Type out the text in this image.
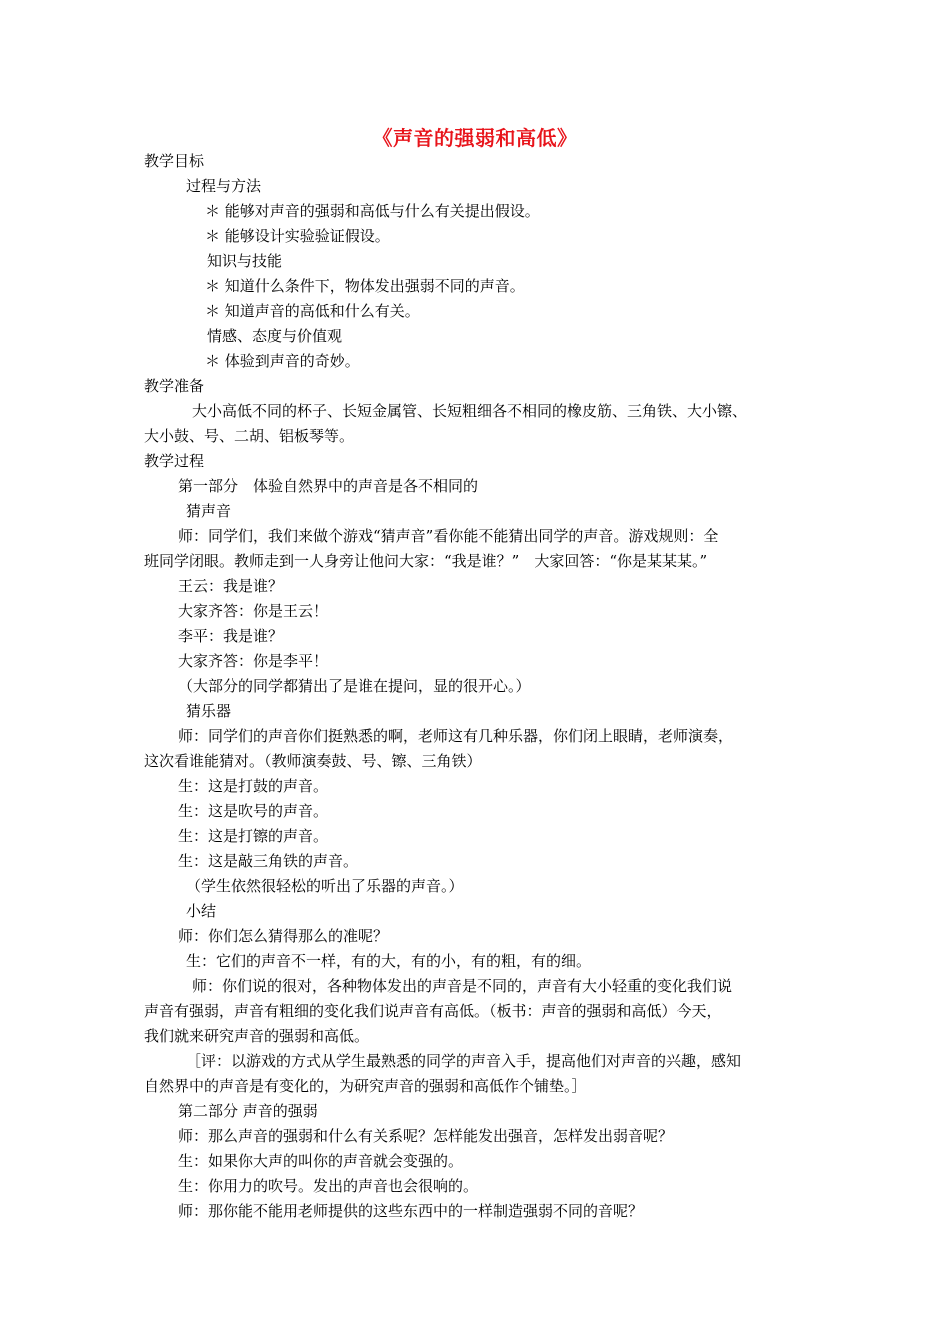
《声音的强弱和高低》
教学目标
过程与方法
＊ 能够对声音的强弱和高低与什么有关提出假设。
＊ 能够设计实验验证假设。
知识与技能
＊ 知道什么条件下，物体发出强弱不同的声音。
＊ 知道声音的高低和什么有关。
情感、态度与价值观
＊ 体验到声音的奇妙。
教学准备
大小高低不同的杯子、长短金属管、长短粗细各不相同的橡皮筋、三角铁、大小镲、
大小鼓、号、二胡、铝板琴等。
教学过程
第一部分　体验自然界中的声音是各不相同的
猜声音
师：同学们，我们来做个游戏“猜声音”看你能不能猜出同学的声音。游戏规则：全
班同学闭眼。教师走到一人身旁让他问大家：“我是谁？”　大家回答：“你是某某某。”
王云：我是谁？
大家齐答：你是王云！
李平：我是谁？
大家齐答：你是李平！
（大部分的同学都猜出了是谁在提问，显的很开心。）
猜乐器
师：同学们的声音你们挺熟悉的啊，老师这有几种乐器，你们闭上眼睛，老师演奏，
这次看谁能猜对。（教师演奏鼓、号、镲、三角铁）
生：这是打鼓的声音。
生：这是吹号的声音。
生：这是打镲的声音。
生：这是敲三角铁的声音。
（学生依然很轻松的听出了乐器的声音。）
小结
师：你们怎么猜得那么的准呢？
生：它们的声音不一样，有的大，有的小，有的粗，有的细。
师：你们说的很对，各种物体发出的声音是不同的，声音有大小轻重的变化我们说
声音有强弱，声音有粗细的变化我们说声音有高低。（板书：声音的强弱和高低）今天，
我们就来研究声音的强弱和高低。
［评：以游戏的方式从学生最熟悉的同学的声音入手，提高他们对声音的兴趣，感知
自然界中的声音是有变化的，为研究声音的强弱和高低作个铺垫。］
第二部分 声音的强弱
师：那么声音的强弱和什么有关系呢？怎样能发出强音，怎样发出弱音呢？
生：如果你大声的叫你的声音就会变强的。
生：你用力的吹号。发出的声音也会很响的。
师：那你能不能用老师提供的这些东西中的一样制造强弱不同的音呢？
